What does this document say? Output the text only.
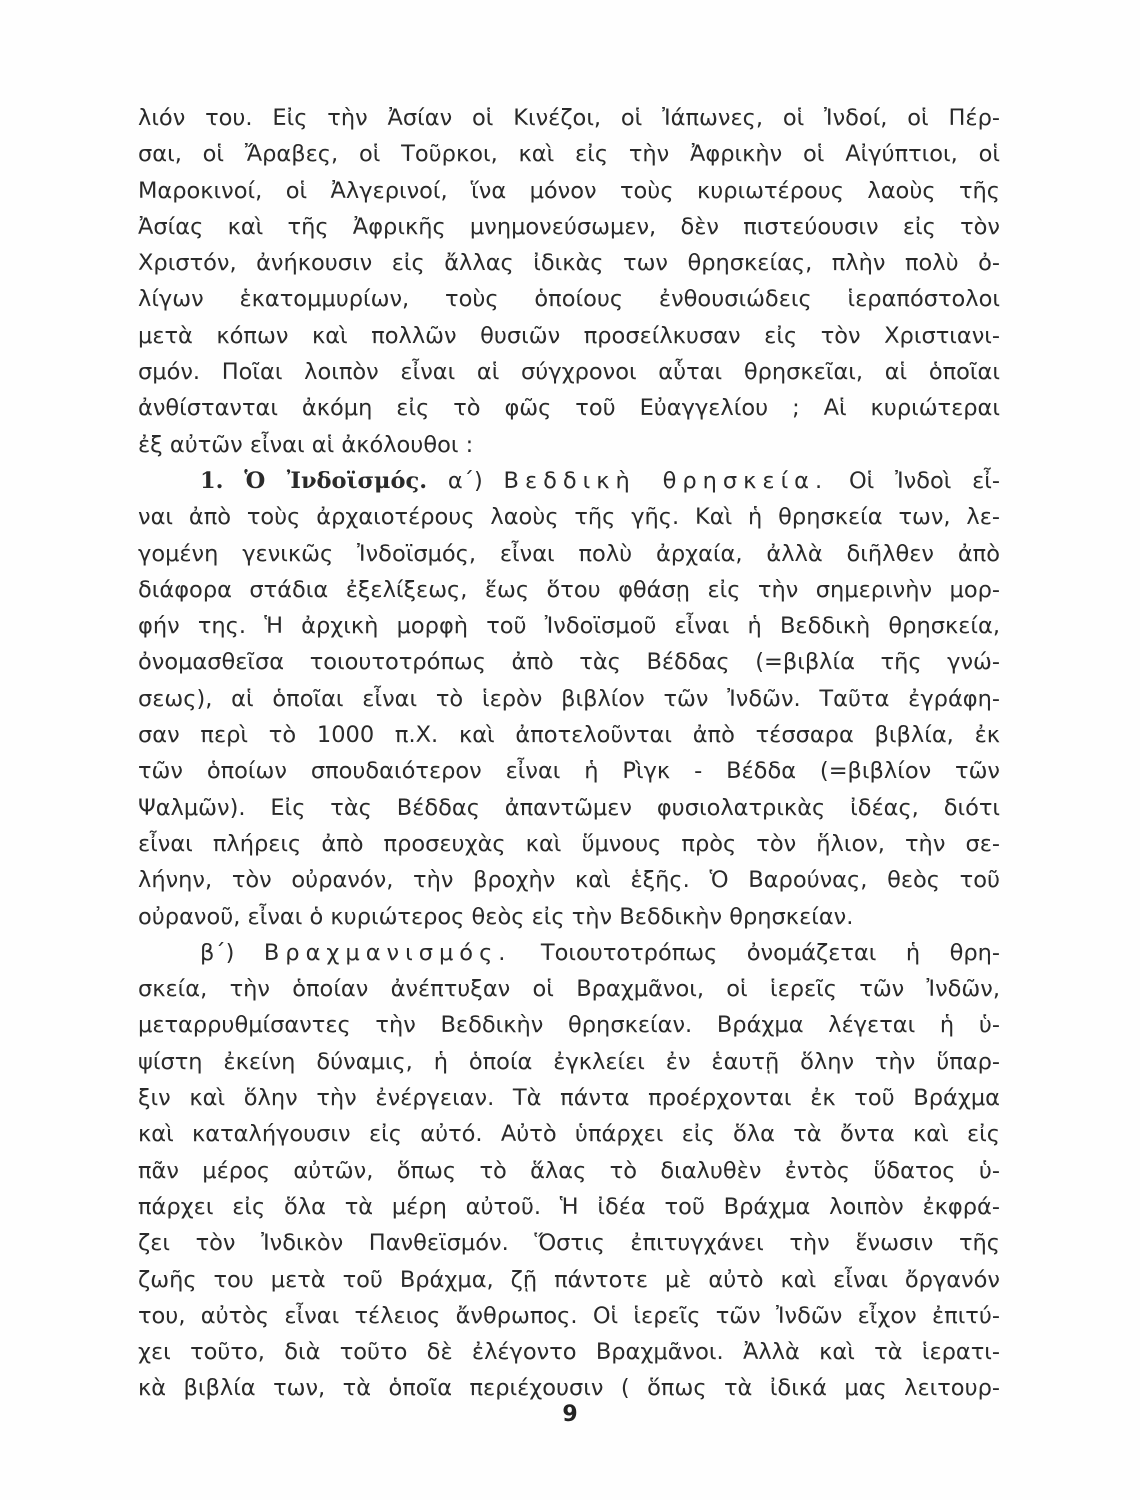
λιόν του. Εἰς τὴν Ἀσίαν οἱ Κινέζοι, οἱ Ἰάπωνες, οἱ Ἰνδοί, οἱ Πέρ-
σαι, οἱ Ἄραβες, οἱ Τοῦρκοι, καὶ εἰς τὴν Ἀφρικὴν οἱ Αἰγύπτιοι, οἱ
Μαροκινοί, οἱ Ἀλγερινοί, ἵνα μόνον τοὺς κυριωτέρους λαοὺς τῆς
Ἀσίας καὶ τῆς Ἀφρικῆς μνημονεύσωμεν, δὲν πιστεύουσιν εἰς τὸν
Χριστόν, ἀνήκουσιν εἰς ἄλλας ἰδικὰς των θρησκείας, πλὴν πολὺ ὀ-
λίγων ἑκατομμυρίων, τοὺς ὁποίους ἐνθουσιώδεις ἱεραπόστολοι
μετὰ κόπων καὶ πολλῶν θυσιῶν προσείλκυσαν εἰς τὸν Χριστιανι-
σμόν. Ποῖαι λοιπὸν εἶναι αἱ σύγχρονοι αὗται θρησκεῖαι, αἱ ὁποῖαι
ἀνθίστανται ἀκόμη εἰς τὸ φῶς τοῦ Εὐαγγελίου ; Αἱ κυριώτεραι
ἐξ αὐτῶν εἶναι αἱ ἀκόλουθοι :
1. Ὁ Ἰνδοϊσμός. α΄) Βεδδικὴ θρησκεία. Οἱ Ἰνδοὶ εἶ-
ναι ἀπὸ τοὺς ἀρχαιοτέρους λαοὺς τῆς γῆς. Καὶ ἡ θρησκεία των, λε-
γομένη γενικῶς Ἰνδοϊσμός, εἶναι πολὺ ἀρχαία, ἀλλὰ διῆλθεν ἀπὸ
διάφορα στάδια ἐξελίξεως, ἕως ὅτου φθάσῃ εἰς τὴν σημερινὴν μορ-
φήν της. Ἡ ἀρχικὴ μορφὴ τοῦ Ἰνδοϊσμοῦ εἶναι ἡ Βεδδικὴ θρησκεία,
ὀνομασθεῖσα τοιουτοτρόπως ἀπὸ τὰς Βέδδας (=βιβλία τῆς γνώ-
σεως), αἱ ὁποῖαι εἶναι τὸ ἱερὸν βιβλίον τῶν Ἰνδῶν. Ταῦτα ἐγράφη-
σαν περὶ τὸ 1000 π.Χ. καὶ ἀποτελοῦνται ἀπὸ τέσσαρα βιβλία, ἐκ
τῶν ὁποίων σπουδαιότερον εἶναι ἡ Ρὶγκ - Βέδδα (=βιβλίον τῶν
Ψαλμῶν). Εἰς τὰς Βέδδας ἀπαντῶμεν φυσιολατρικὰς ἰδέας, διότι
εἶναι πλήρεις ἀπὸ προσευχὰς καὶ ὕμνους πρὸς τὸν ἥλιον, τὴν σε-
λήνην, τὸν οὐρανόν, τὴν βροχὴν καὶ ἑξῆς. Ὁ Βαρούνας, θεὸς τοῦ
οὐρανοῦ, εἶναι ὁ κυριώτερος θεὸς εἰς τὴν Βεδδικὴν θρησκείαν.
β΄) Βραχμανισμός. Τοιουτοτρόπως ὀνομάζεται ἡ θρη-
σκεία, τὴν ὁποίαν ἀνέπτυξαν οἱ Βραχμᾶνοι, οἱ ἱερεῖς τῶν Ἰνδῶν,
μεταρρυθμίσαντες τὴν Βεδδικὴν θρησκείαν. Βράχμα λέγεται ἡ ὑ-
ψίστη ἐκείνη δύναμις, ἡ ὁποία ἐγκλείει ἐν ἑαυτῇ ὅλην τὴν ὕπαρ-
ξιν καὶ ὅλην τὴν ἐνέργειαν. Τὰ πάντα προέρχονται ἐκ τοῦ Βράχμα
καὶ καταλήγουσιν εἰς αὐτό. Αὐτὸ ὑπάρχει εἰς ὅλα τὰ ὄντα καὶ εἰς
πᾶν μέρος αὐτῶν, ὅπως τὸ ἅλας τὸ διαλυθὲν ἐντὸς ὕδατος ὑ-
πάρχει εἰς ὅλα τὰ μέρη αὐτοῦ. Ἡ ἰδέα τοῦ Βράχμα λοιπὸν ἐκφρά-
ζει τὸν Ἰνδικὸν Πανθεϊσμόν. Ὅστις ἐπιτυγχάνει τὴν ἕνωσιν τῆς
ζωῆς του μετὰ τοῦ Βράχμα, ζῇ πάντοτε μὲ αὐτὸ καὶ εἶναι ὄργανόν
του, αὐτὸς εἶναι τέλειος ἄνθρωπος. Οἱ ἱερεῖς τῶν Ἰνδῶν εἶχον ἐπιτύ-
χει τοῦτο, διὰ τοῦτο δὲ ἐλέγοντο Βραχμᾶνοι. Ἀλλὰ καὶ τὰ ἱερατι-
κὰ βιβλία των, τὰ ὁποῖα περιέχουσιν ( ὅπως τὰ ἰδικά μας λειτουρ-
9
